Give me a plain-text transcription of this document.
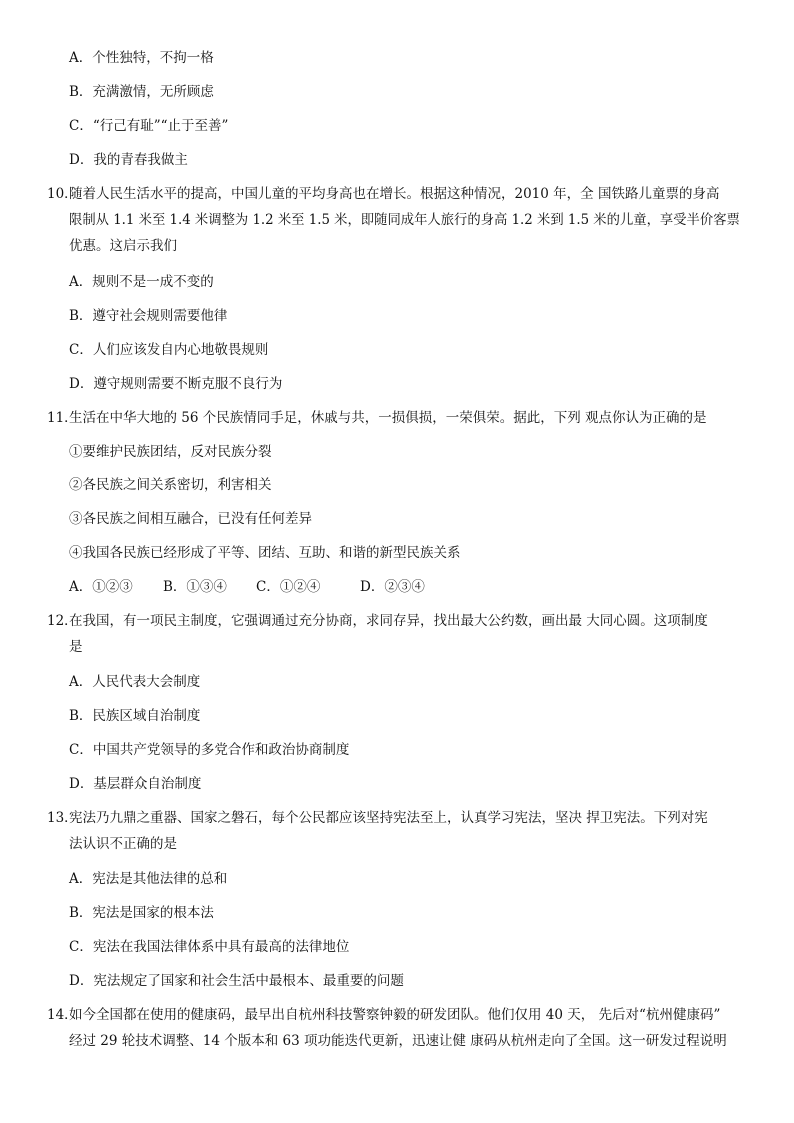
A．个性独特，不拘一格
B．充满激情，无所顾虑
C．“行己有耻”“止于至善”
D．我的青春我做主
10．
随着人民生活水平的提高，中国儿童的平均身高也在增长。根据这种情况，2010 年，全 国铁路儿童票的身高
限制从 1.1 米至 1.4 米调整为 1.2 米至 1.5 米，即随同成年人旅行的身高 1.2 米到 1.5 米的儿童，享受半价客票
优惠。这启示我们
A．规则不是一成不变的
B．遵守社会规则需要他律
C．人们应该发自内心地敬畏规则
D．遵守规则需要不断克服不良行为
11．
生活在中华大地的 56 个民族情同手足，休戚与共，一损俱损，一荣俱荣。据此，下列 观点你认为正确的是
①要维护民族团结，反对民族分裂
②各民族之间关系密切，利害相关
③各民族之间相互融合，已没有任何差异
④我国各民族已经形成了平等、团结、互助、和谐的新型民族关系
A．①②③ B．①③④ C．①②④	D．②③④
12．
在我国，有一项民主制度，它强调通过充分协商，求同存异，找出最大公约数，画出最 大同心圆。这项制度
是
A．人民代表大会制度
B．民族区域自治制度
C．中国共产党领导的多党合作和政治协商制度
D．基层群众自治制度
13．
宪法乃九鼎之重器、国家之磐石，每个公民都应该坚持宪法至上，认真学习宪法，坚决 捍卫宪法。下列对宪
法认识不正确的是
A．宪法是其他法律的总和
B．宪法是国家的根本法
C．宪法在我国法律体系中具有最高的法律地位
D．宪法规定了国家和社会生活中最根本、最重要的问题
14．
如今全国都在使用的健康码，最早出自杭州科技警察钟毅的研发团队。他们仅用 40 天， 先后对“杭州健康码”
经过 29 轮技术调整、14 个版本和 63 项功能迭代更新，迅速让健 康码从杭州走向了全国。这一研发过程说明
